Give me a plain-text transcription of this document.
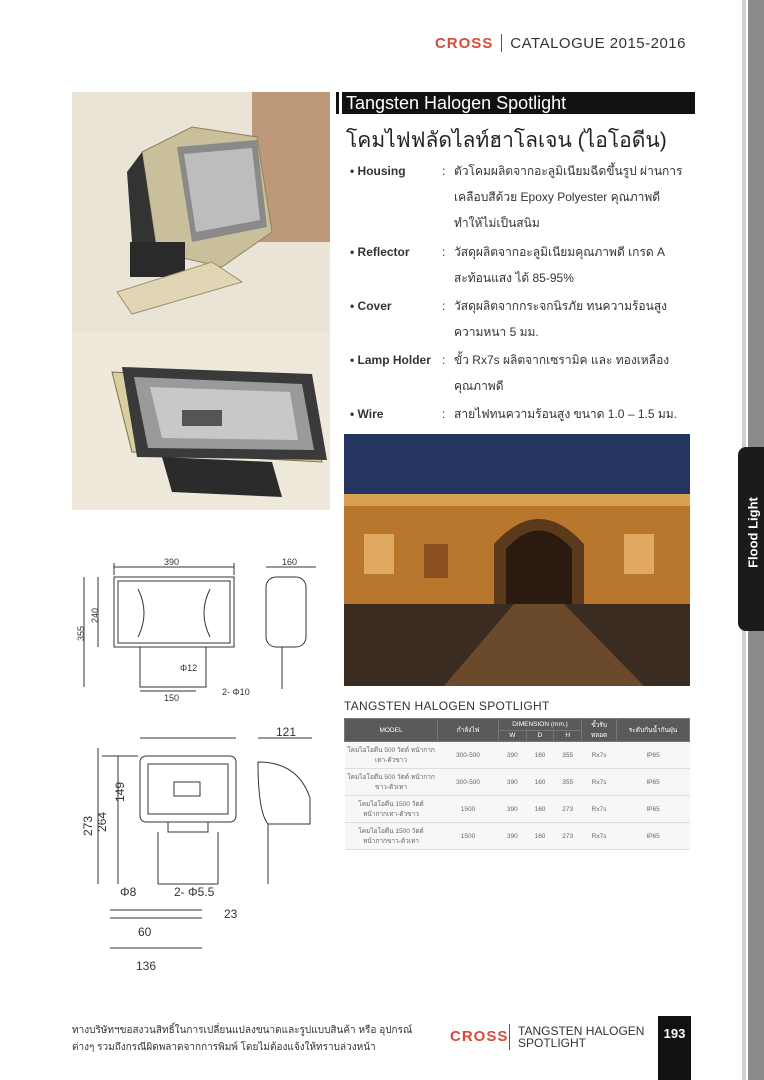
Flood Light
CROSS CATALOGUE 2015-2016
Tangsten Halogen Spotlight
โคมไฟฟลัดไลท์ฮาโลเจน (ไอโอดีน)
• Housing	: ตัวโคมผลิตจากอะลูมิเนียมฉีดขึ้นรูป ผ่านการเคลือบสีด้วย Epoxy Polyester คุณภาพดี ทำให้ไม่เป็นสนิม
• Reflector	: วัสดุผลิตจากอะลูมิเนียมคุณภาพดี เกรด A สะท้อนแสง ได้ 85-95%
• Cover	: วัสดุผลิตจากกระจกนิรภัย ทนความร้อนสูง ความหนา 5 มม.
• Lamp Holder : ขั้ว Rx7s ผลิตจากเซรามิค และ ทองเหลืองคุณภาพดี
• Wire	: สายไฟทนความร้อนสูง ขนาด 1.0 – 1.5 มม.
390	160
355
240
Φ12
150
2- Φ10
121
273 264
149
Φ8	2- Φ5.5
23
60
136
TANGSTEN HALOGEN SPOTLIGHT
MODEL	กำลังไฟ	DIMENSION (mm.)			ขั้วรับหลอด	ระดับกันน้ำกันฝุ่น
		W	D	H		
โคมไอโอดีน 500 วัตต์ หน้ากากเทา-ตัวขาว	300-500	390	160	355	Rx7s	IP65
โคมไอโอดีน 500 วัตต์ หน้ากากขาว-ตัวเทา	300-500	390	160	355	Rx7s	IP65
โคมไอโอดีน 1500 วัตต์ หน้ากากเทา-ตัวขาว	1500	390	160	273	Rx7s	IP65
โคมไอโอดีน 1500 วัตต์ หน้ากากขาว-ตัวเทา	1500	390	160	273	Rx7s	IP65
ทางบริษัทฯขอสงวนสิทธิ์ในการเปลี่ยนแปลงขนาดและรูปแบบสินค้า หรือ อุปกรณ์
ต่างๆ รวมถึงกรณีผิดพลาดจากการพิมพ์ โดยไม่ต้องแจ้งให้ทราบล่วงหน้า
CROSS TANGSTEN HALOGEN
SPOTLIGHT
193
